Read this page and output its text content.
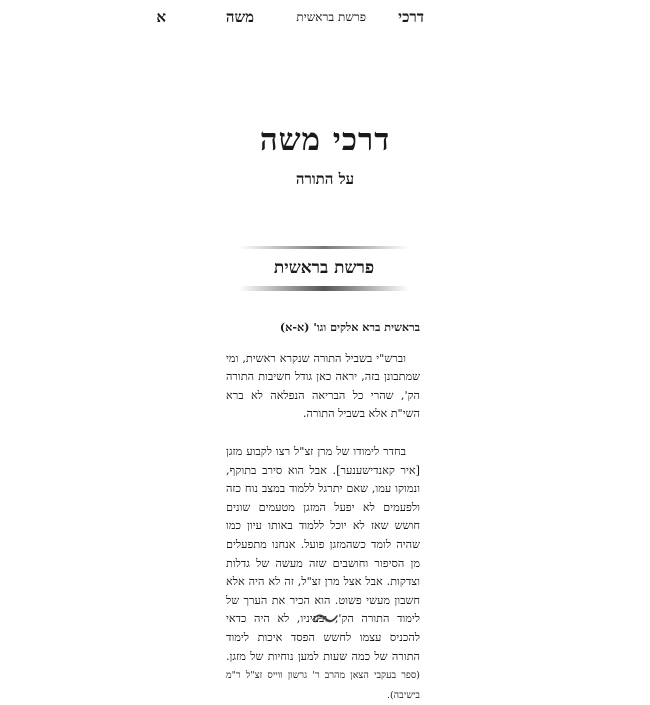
דרכי
פרשת בראשית
משה
א
דרכי משה
על התורה
פרשת בראשית

בראשית ברא אלקים וגו' (א-א)

וברש"י בשביל התורה שנקרא ראשית, ומי שמתבונן בזה, יראה כאן גודל חשיבות התורה הק', שהרי כל הבריאה הנפלאה לא ברא השי"ת אלא בשביל התורה.

בחדר לימודו של מרן זצ"ל רצו לקבוע מזגן [איר קאנדישענער]. אבל הוא סירב בתוקף, ונמוקו עמו, שאם יתרגל ללמוד במצב נוח כזה ולפעמים לא יפעל המזגן מטעמים שונים חושש שאז לא יוכל ללמוד באותו עיון כמו שהיה לומד כשהמזגן פועל. אנחנו מתפעלים מן הסיפור וחושבים שזה מעשה של גדלות וצדקות. אבל אצל מרן זצ"ל, זה לא היה אלא חשבון מעשי פשוט. הוא הכיר את הערך של לימוד התורה הק', ובעיניו, לא היה כדאי להכניס עצמו לחשש הפסד איכות לימוד התורה של כמה שעות למען נוחיות של מזגן. (ספר בעקבי הצאן מהרב ר' גרשון ווייס זצ"ל ר"מ בישיבה).
